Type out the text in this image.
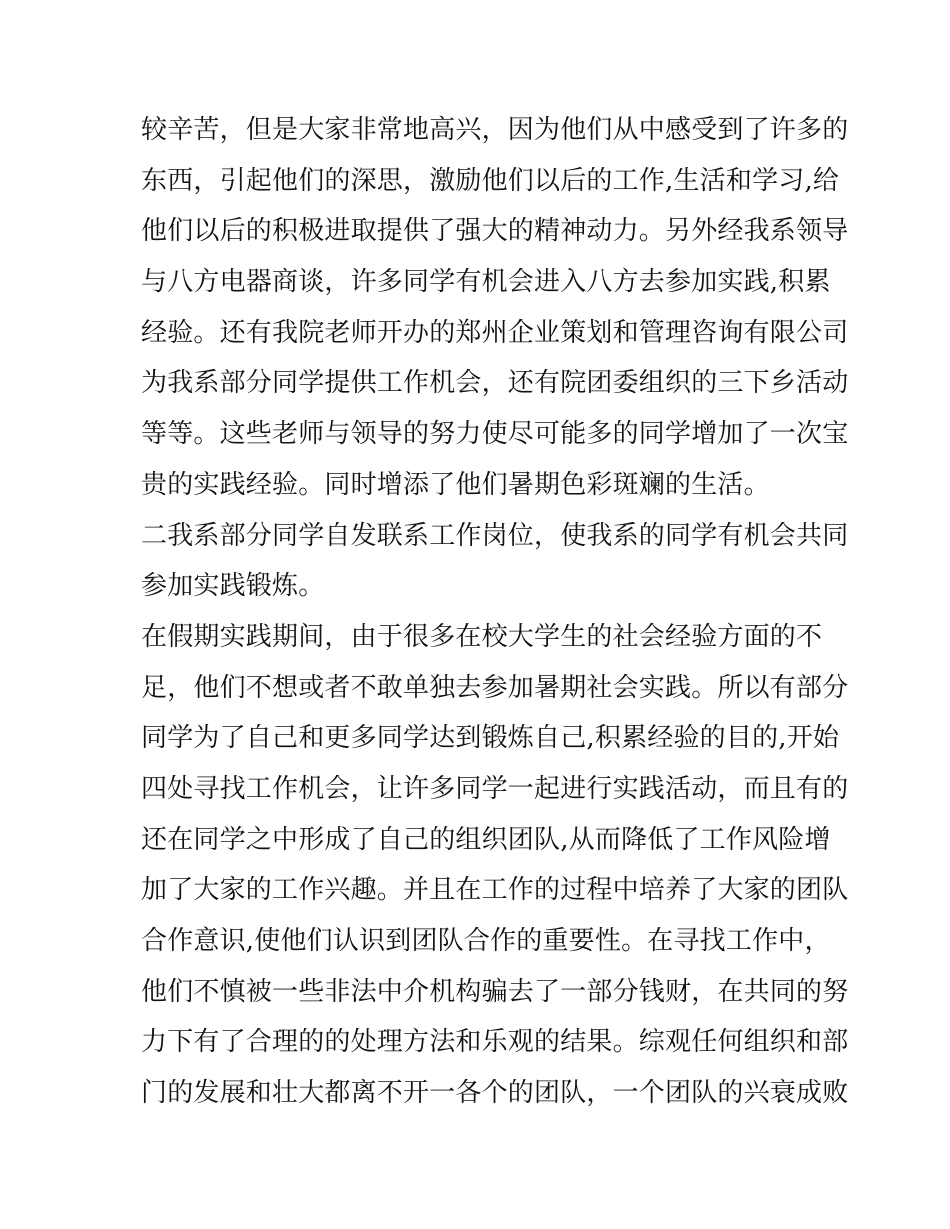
较辛苦，但是大家非常地高兴，因为他们从中感受到了许多的
东西，引起他们的深思，激励他们以后的工作,生活和学习,给
他们以后的积极进取提供了强大的精神动力。另外经我系领导
与八方电器商谈，许多同学有机会进入八方去参加实践,积累
经验。还有我院老师开办的郑州企业策划和管理咨询有限公司
为我系部分同学提供工作机会，还有院团委组织的三下乡活动
等等。这些老师与领导的努力使尽可能多的同学增加了一次宝
贵的实践经验。同时增添了他们暑期色彩斑斓的生活。
二我系部分同学自发联系工作岗位，使我系的同学有机会共同
参加实践锻炼。
在假期实践期间，由于很多在校大学生的社会经验方面的不
足，他们不想或者不敢单独去参加暑期社会实践。所以有部分
同学为了自己和更多同学达到锻炼自己,积累经验的目的,开始
四处寻找工作机会，让许多同学一起进行实践活动，而且有的
还在同学之中形成了自己的组织团队,从而降低了工作风险增
加了大家的工作兴趣。并且在工作的过程中培养了大家的团队
合作意识,使他们认识到团队合作的重要性。在寻找工作中，
他们不慎被一些非法中介机构骗去了一部分钱财，在共同的努
力下有了合理的的处理方法和乐观的结果。综观任何组织和部
门的发展和壮大都离不开一各个的团队，一个团队的兴衰成败
